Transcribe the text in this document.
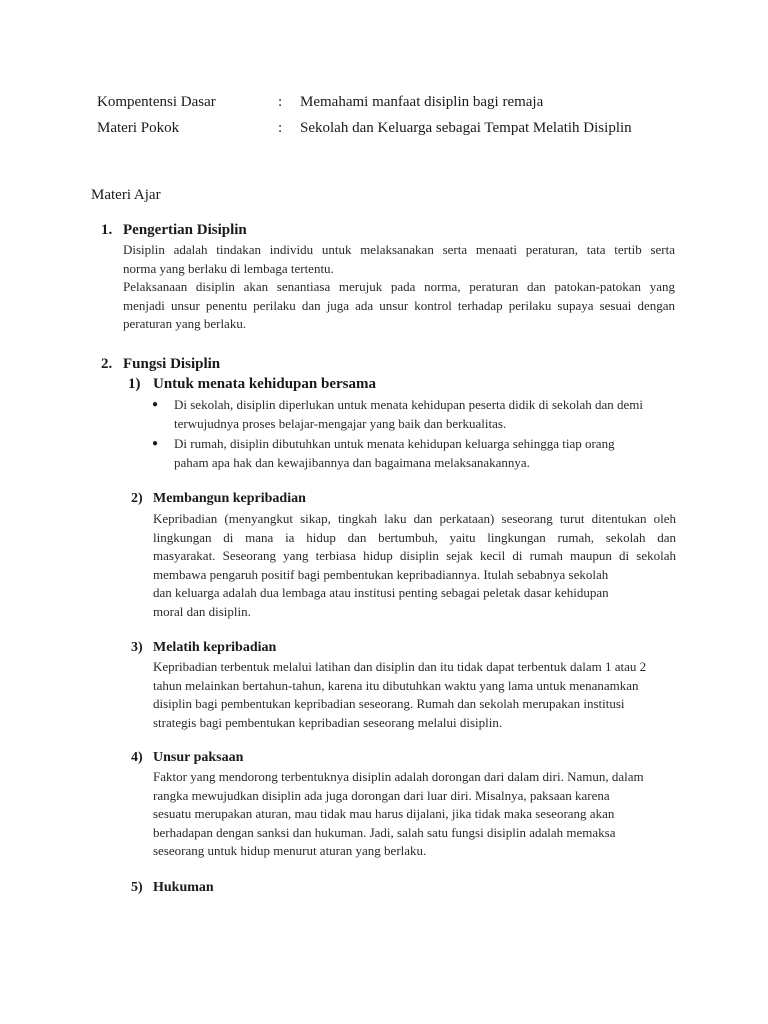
Kompentensi Dasar	: Memahami manfaat disiplin bagi remaja
Materi Pokok	: Sekolah dan Keluarga sebagai Tempat Melatih Disiplin
Materi Ajar
1. Pengertian Disiplin
Disiplin adalah tindakan individu untuk melaksanakan serta menaati peraturan, tata tertib serta
norma yang berlaku di lembaga tertentu.
Pelaksanaan disiplin akan senantiasa merujuk pada norma, peraturan dan patokan-patokan yang
menjadi unsur penentu perilaku dan juga ada unsur kontrol terhadap perilaku supaya sesuai dengan
peraturan yang berlaku.
2. Fungsi Disiplin
1) Untuk menata kehidupan bersama
● Di sekolah, disiplin diperlukan untuk menata kehidupan peserta didik di sekolah dan demi
terwujudnya proses belajar-mengajar yang baik dan berkualitas.
● Di rumah, disiplin dibutuhkan untuk menata kehidupan keluarga sehingga tiap orang
paham apa hak dan kewajibannya dan bagaimana melaksanakannya.
2) Membangun kepribadian
Kepribadian (menyangkut sikap, tingkah laku dan perkataan) seseorang turut ditentukan oleh
lingkungan di mana ia hidup dan bertumbuh, yaitu lingkungan rumah, sekolah dan
masyarakat. Seseorang yang terbiasa hidup disiplin sejak kecil di rumah maupun di sekolah
membawa pengaruh positif bagi pembentukan kepribadiannya. Itulah sebabnya sekolah
dan keluarga adalah dua lembaga atau institusi penting sebagai peletak dasar kehidupan
moral dan disiplin.
3) Melatih kepribadian
Kepribadian terbentuk melalui latihan dan disiplin dan itu tidak dapat terbentuk dalam 1 atau 2
tahun melainkan bertahun-tahun, karena itu dibutuhkan waktu yang lama untuk menanamkan
disiplin bagi pembentukan kepribadian seseorang. Rumah dan sekolah merupakan institusi
strategis bagi pembentukan kepribadian seseorang melalui disiplin.
4) Unsur paksaan
Faktor yang mendorong terbentuknya disiplin adalah dorongan dari dalam diri. Namun, dalam
rangka mewujudkan disiplin ada juga dorongan dari luar diri. Misalnya, paksaan karena
sesuatu merupakan aturan, mau tidak mau harus dijalani, jika tidak maka seseorang akan
berhadapan dengan sanksi dan hukuman. Jadi, salah satu fungsi disiplin adalah memaksa
seseorang untuk hidup menurut aturan yang berlaku.
5) Hukuman
